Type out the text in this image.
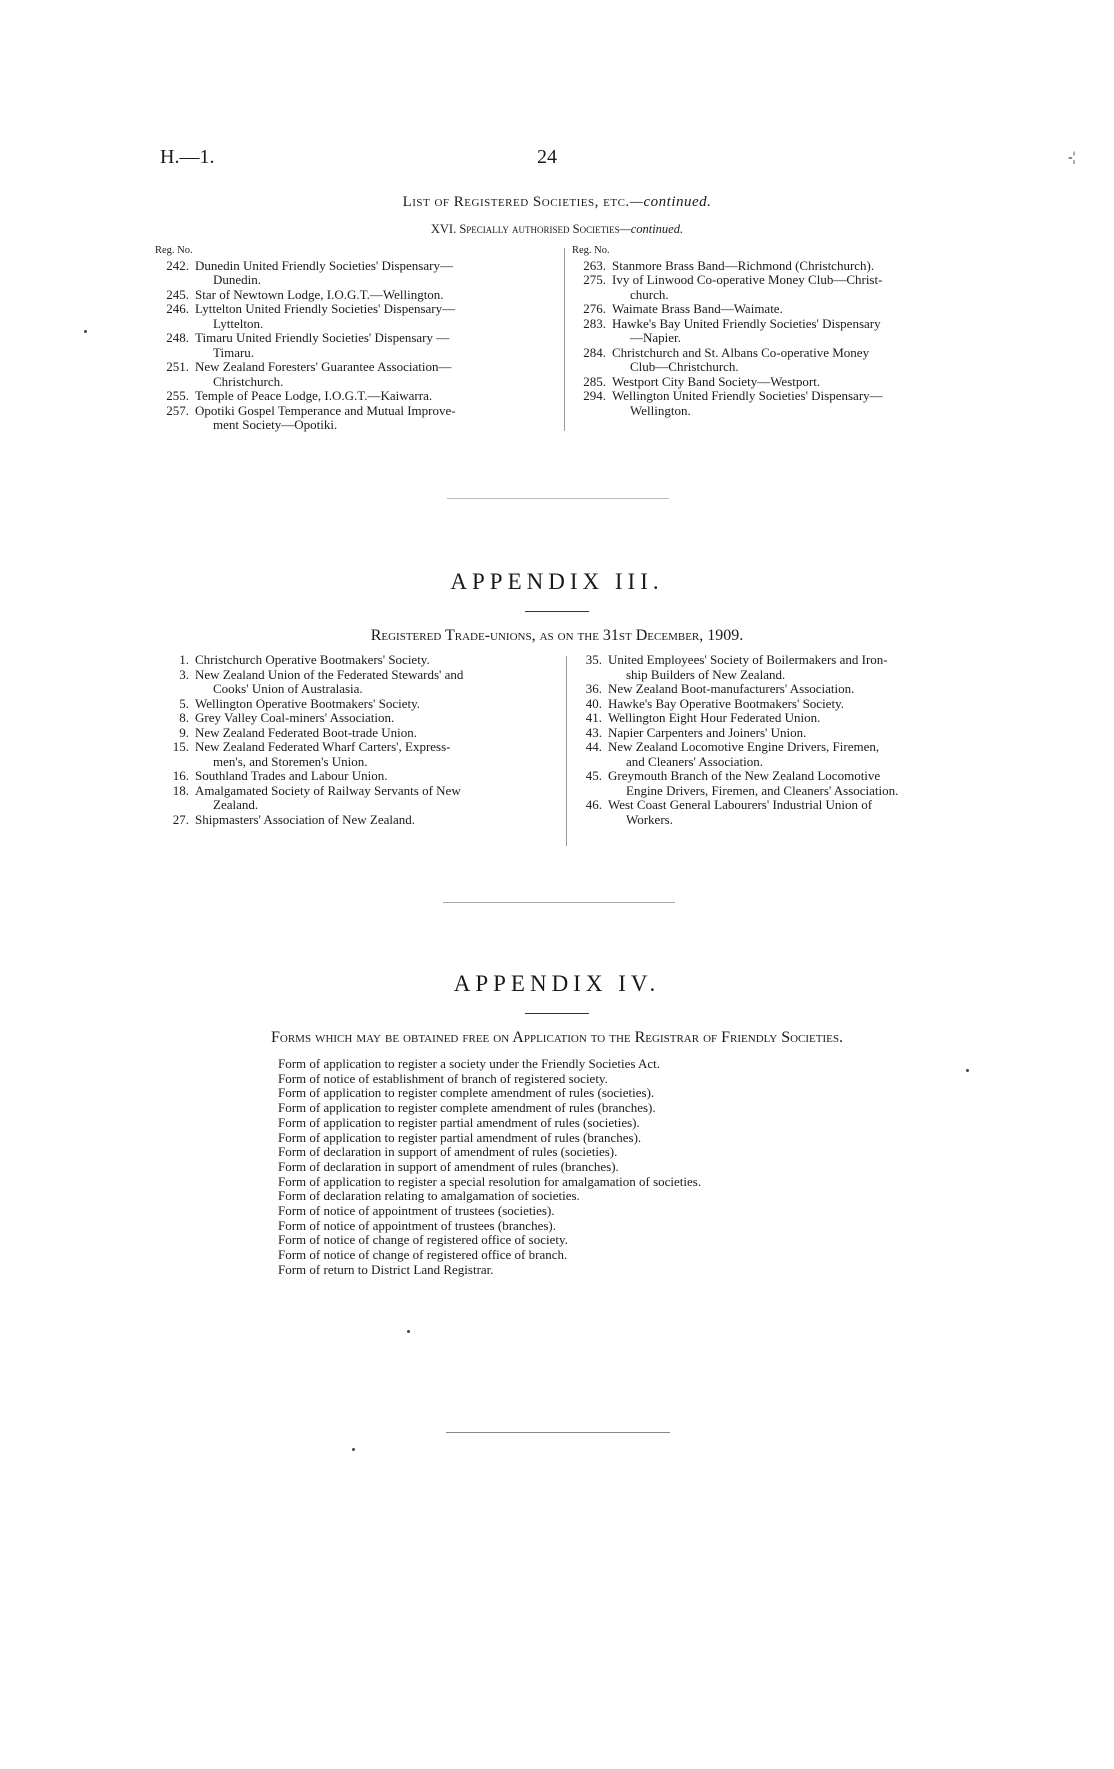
H.—1.	24	-¦
List of Registered Societies, etc.—continued.
XVI. Specially authorised Societies—continued.
Reg. No.
242. Dunedin United Friendly Societies' Dispensary—
Dunedin.
245. Star of Newtown Lodge, I.O.G.T.—Wellington.
246. Lyttelton United Friendly Societies' Dispensary—
Lyttelton.
248. Timaru United Friendly Societies' Dispensary —
Timaru.
251. New Zealand Foresters' Guarantee Association—
Christchurch.
255. Temple of Peace Lodge, I.O.G.T.—Kaiwarra.
257. Opotiki Gospel Temperance and Mutual Improve-
ment Society—Opotiki.
Reg. No.
263. Stanmore Brass Band—Richmond (Christchurch).
275. Ivy of Linwood Co-operative Money Club—Christ-
church.
276. Waimate Brass Band—Waimate.
283. Hawke's Bay United Friendly Societies' Dispensary
—Napier.
284. Christchurch and St. Albans Co-operative Money
Club—Christchurch.
285. Westport City Band Society—Westport.
294. Wellington United Friendly Societies' Dispensary—
Wellington.
APPENDIX III.
Registered Trade-unions, as on the 31st December, 1909.
1. Christchurch Operative Bootmakers' Society.
3. New Zealand Union of the Federated Stewards' and
Cooks' Union of Australasia.
5. Wellington Operative Bootmakers' Society.
8. Grey Valley Coal-miners' Association.
9. New Zealand Federated Boot-trade Union.
15. New Zealand Federated Wharf Carters', Express-
men's, and Storemen's Union.
16. Southland Trades and Labour Union.
18. Amalgamated Society of Railway Servants of New
Zealand.
27. Shipmasters' Association of New Zealand.
35. United Employees' Society of Boilermakers and Iron-
ship Builders of New Zealand.
36. New Zealand Boot-manufacturers' Association.
40. Hawke's Bay Operative Bootmakers' Society.
41. Wellington Eight Hour Federated Union.
43. Napier Carpenters and Joiners' Union.
44. New Zealand Locomotive Engine Drivers, Firemen,
and Cleaners' Association.
45. Greymouth Branch of the New Zealand Locomotive
Engine Drivers, Firemen, and Cleaners' Association.
46. West Coast General Labourers' Industrial Union of
Workers.
APPENDIX IV.
Forms which may be obtained free on Application to the Registrar of Friendly Societies.
Form of application to register a society under the Friendly Societies Act.
Form of notice of establishment of branch of registered society.
Form of application to register complete amendment of rules (societies).
Form of application to register complete amendment of rules (branches).
Form of application to register partial amendment of rules (societies).
Form of application to register partial amendment of rules (branches).
Form of declaration in support of amendment of rules (societies).
Form of declaration in support of amendment of rules (branches).
Form of application to register a special resolution for amalgamation of societies.
Form of declaration relating to amalgamation of societies.
Form of notice of appointment of trustees (societies).
Form of notice of appointment of trustees (branches).
Form of notice of change of registered office of society.
Form of notice of change of registered office of branch.
Form of return to District Land Registrar.
